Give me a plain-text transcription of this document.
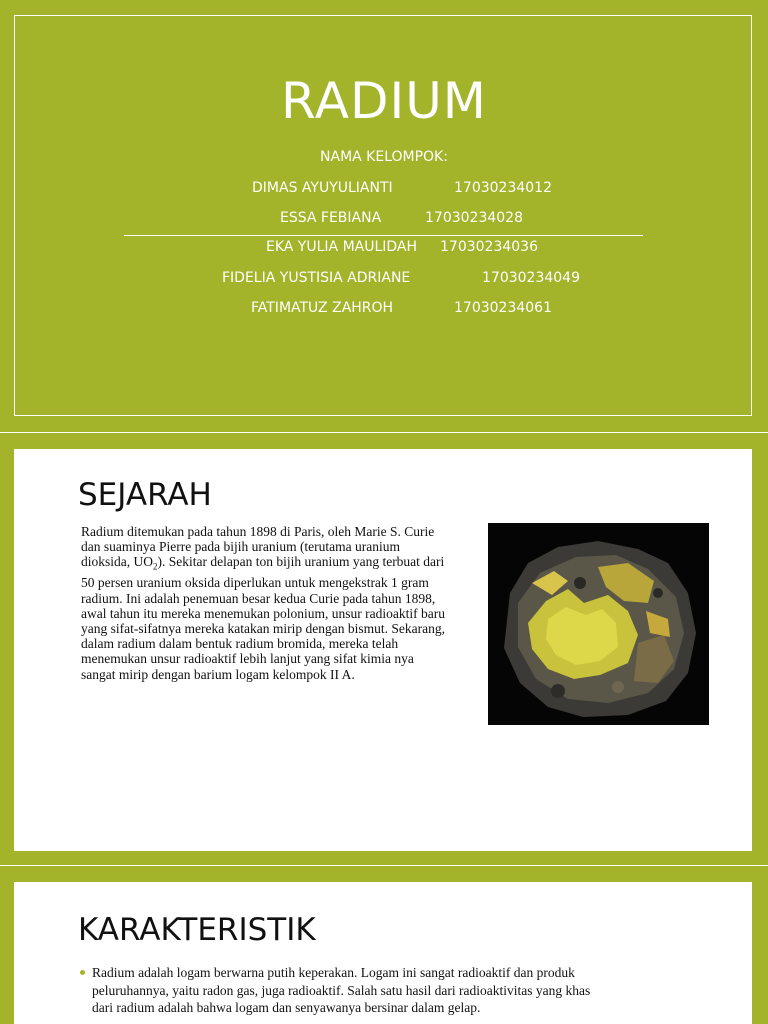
RADIUM
NAMA KELOMPOK:
DIMAS AYUYULIANTI	17030234012
ESSA FEBIANA	17030234028
EKA YULIA MAULIDAH 17030234036
FIDELIA YUSTISIA ADRIANE	17030234049
FATIMATUZ ZAHROH	17030234061
SEJARAH
Radium ditemukan pada tahun 1898 di Paris, oleh Marie S. Curie
dan suaminya Pierre pada bijih uranium (terutama uranium
dioksida, $UO_2$). Sekitar delapan ton bijih uranium yang terbuat dari
50 persen uranium oksida diperlukan untuk mengekstrak 1 gram
radium. Ini adalah penemuan besar kedua Curie pada tahun 1898,
awal tahun itu mereka menemukan polonium, unsur radioaktif baru
yang sifat-sifatnya mereka katakan mirip dengan bismut. Sekarang,
dalam radium dalam bentuk radium bromida, mereka telah
menemukan unsur radioaktif lebih lanjut yang sifat kimia nya
sangat mirip dengan barium logam kelompok II A.
KARAKTERISTIK
Radium adalah logam berwarna putih keperakan. Logam ini sangat radioaktif dan produk
peluruhannya, yaitu radon gas, juga radioaktif. Salah satu hasil dari radioaktivitas yang khas
dari radium adalah bahwa logam dan senyawanya bersinar dalam gelap.
